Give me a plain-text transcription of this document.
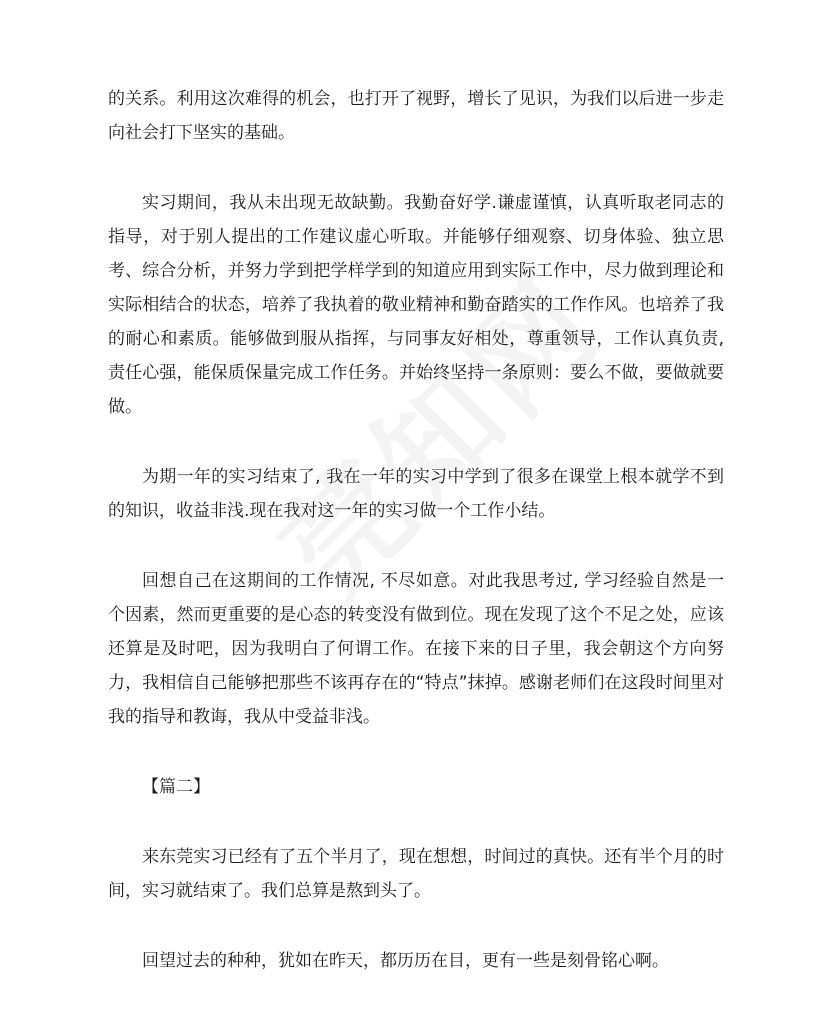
的关系。利用这次难得的机会，也打开了视野，增长了见识，为我们以后进一步走向社会打下坚实的基础。

实习期间，我从未出现无故缺勤。我勤奋好学.谦虚谨慎，认真听取老同志的指导，对于别人提出的工作建议虚心听取。并能够仔细观察、切身体验、独立思考、综合分析，并努力学到把学样学到的知道应用到实际工作中，尽力做到理论和实际相结合的状态，培养了我执着的敬业精神和勤奋踏实的工作作风。也培养了我的耐心和素质。能够做到服从指挥，与同事友好相处，尊重领导，工作认真负责,责任心强，能保质保量完成工作任务。并始终坚持一条原则：要么不做，要做就要做。

为期一年的实习结束了, 我在一年的实习中学到了很多在课堂上根本就学不到的知识，收益非浅.现在我对这一年的实习做一个工作小结。

回想自己在这期间的工作情况, 不尽如意。对此我思考过, 学习经验自然是一个因素，然而更重要的是心态的转变没有做到位。现在发现了这个不足之处，应该还算是及时吧，因为我明白了何谓工作。在接下来的日子里，我会朝这个方向努力，我相信自己能够把那些不该再存在的“特点”抹掉。感谢老师们在这段时间里对我的指导和教诲，我从中受益非浅。

【篇二】

来东莞实习已经有了五个半月了，现在想想，时间过的真快。还有半个月的时间，实习就结束了。我们总算是熬到头了。

回望过去的种种，犹如在昨天，都历历在目，更有一些是刻骨铭心啊。
